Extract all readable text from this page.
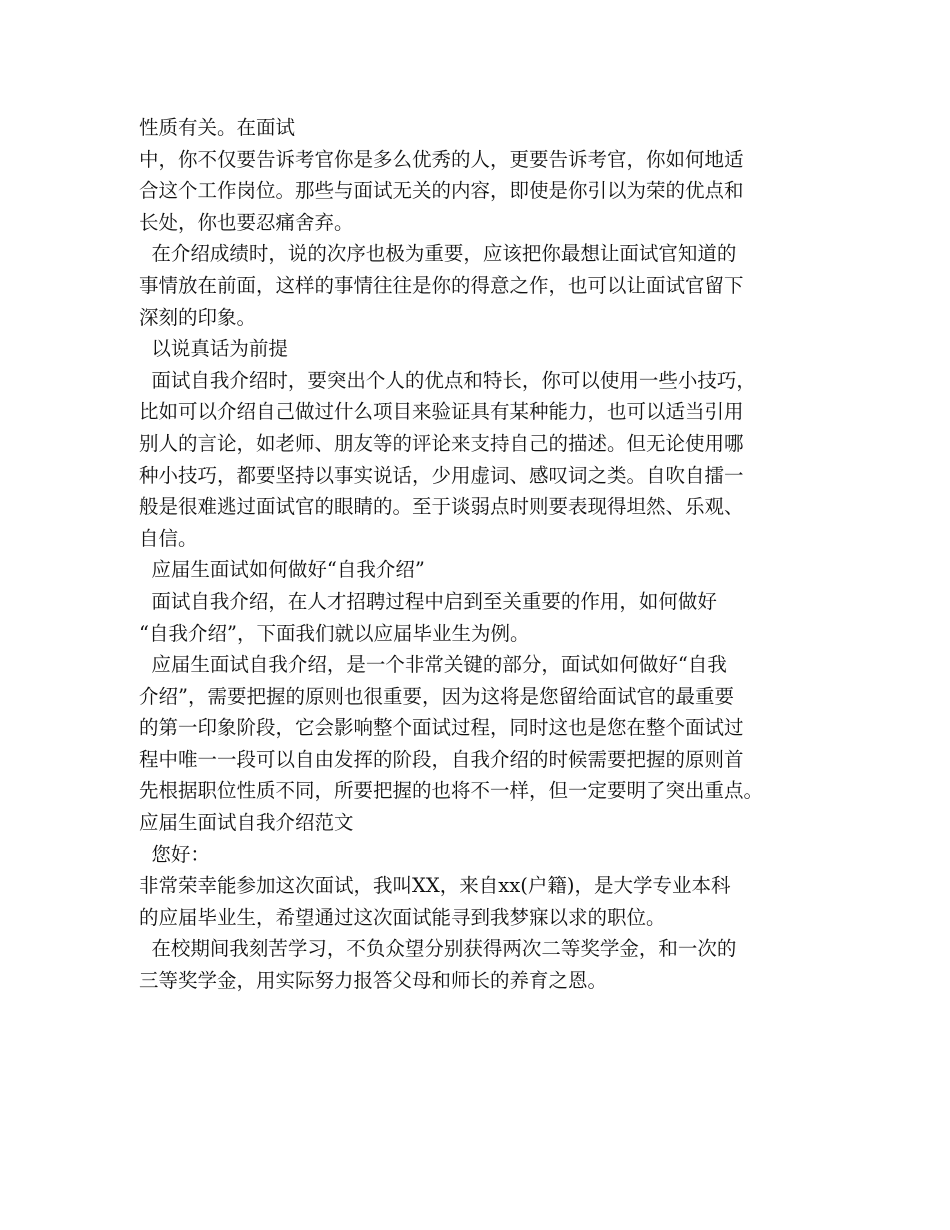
性质有关。在面试

中，你不仅要告诉考官你是多么优秀的人，更要告诉考官，你如何地适

合这个工作岗位。那些与面试无关的内容，即使是你引以为荣的优点和

长处，你也要忍痛舍弃。

在介绍成绩时，说的次序也极为重要，应该把你最想让面试官知道的

事情放在前面，这样的事情往往是你的得意之作，也可以让面试官留下

深刻的印象。

以说真话为前提

面试自我介绍时，要突出个人的优点和特长，你可以使用一些小技巧，

比如可以介绍自己做过什么项目来验证具有某种能力，也可以适当引用

别人的言论，如老师、朋友等的评论来支持自己的描述。但无论使用哪

种小技巧，都要坚持以事实说话，少用虚词、感叹词之类。自吹自擂一

般是很难逃过面试官的眼睛的。至于谈弱点时则要表现得坦然、乐观、

自信。

应届生面试如何做好“自我介绍”

面试自我介绍，在人才招聘过程中启到至关重要的作用，如何做好

“自我介绍”，下面我们就以应届毕业生为例。

应届生面试自我介绍，是一个非常关键的部分，面试如何做好“自我

介绍”，需要把握的原则也很重要，因为这将是您留给面试官的最重要

的第一印象阶段，它会影响整个面试过程，同时这也是您在整个面试过

程中唯一一段可以自由发挥的阶段，自我介绍的时候需要把握的原则首

先根据职位性质不同，所要把握的也将不一样，但一定要明了突出重点。

应届生面试自我介绍范文

您好：

非常荣幸能参加这次面试，我叫XX，来自xx(户籍)，是大学专业本科

的应届毕业生，希望通过这次面试能寻到我梦寐以求的职位。

在校期间我刻苦学习，不负众望分别获得两次二等奖学金，和一次的

三等奖学金，用实际努力报答父母和师长的养育之恩。
